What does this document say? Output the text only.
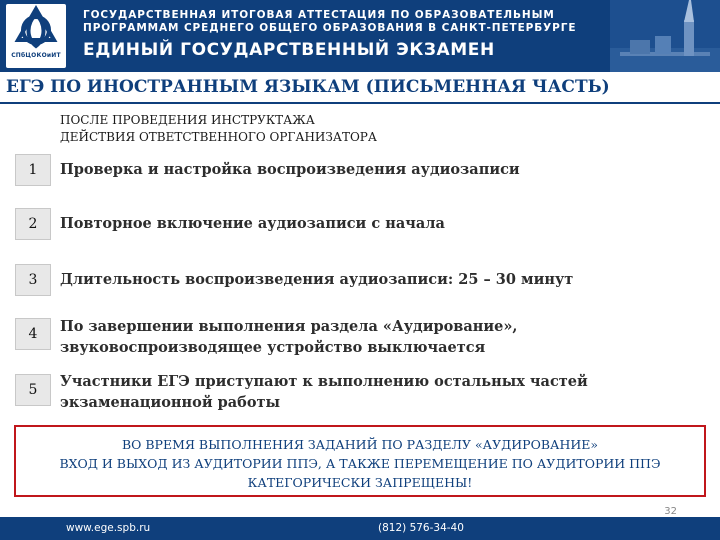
СПбЦОКОиИТ
ГОСУДАРСТВЕННАЯ ИТОГОВАЯ АТТЕСТАЦИЯ ПО ОБРАЗОВАТЕЛЬНЫМ
ПРОГРАММАМ СРЕДНЕГО ОБЩЕГО ОБРАЗОВАНИЯ В САНКТ-ПЕТЕРБУРГЕ
ЕДИНЫЙ ГОСУДАРСТВЕННЫЙ ЭКЗАМЕН
ЕГЭ ПО ИНОСТРАННЫМ ЯЗЫКАМ (ПИСЬМЕННАЯ ЧАСТЬ)
ПОСЛЕ ПРОВЕДЕНИЯ ИНСТРУКТАЖА
ДЕЙСТВИЯ ОТВЕТСТВЕННОГО ОРГАНИЗАТОРА
1	Проверка и настройка воспроизведения аудиозаписи
2	Повторное включение аудиозаписи с начала
3	Длительность воспроизведения аудиозаписи: 25 – 30 минут
4	По завершении выполнения раздела «Аудирование»,
звуковоспроизводящее устройство выключается
5	Участники ЕГЭ приступают к выполнению остальных частей
экзаменационной работы
ВО ВРЕМЯ ВЫПОЛНЕНИЯ ЗАДАНИЙ ПО РАЗДЕЛУ «АУДИРОВАНИЕ»
ВХОД И ВЫХОД ИЗ АУДИТОРИИ ППЭ, А ТАКЖЕ ПЕРЕМЕЩЕНИЕ ПО АУДИТОРИИ ППЭ
КАТЕГОРИЧЕСКИ ЗАПРЕЩЕНЫ!
32
www.ege.spb.ru	(812) 576-34-40
